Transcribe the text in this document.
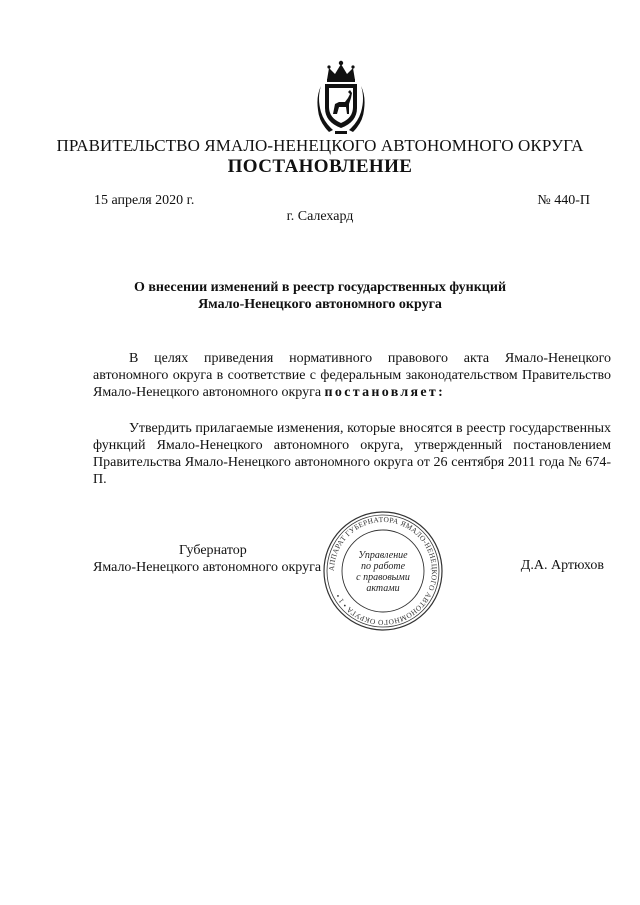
ПРАВИТЕЛЬСТВО ЯМАЛО-НЕНЕЦКОГО АВТОНОМНОГО ОКРУГА
ПОСТАНОВЛЕНИЕ
15 апреля 2020 г.	№ 440-П
г. Салехард
О внесении изменений в реестр государственных функций
Ямало-Ненецкого автономного округа
В целях приведения нормативного правового акта Ямало-Ненецкого автономного округа в соответствие с федеральным законодательством Правительство Ямало-Ненецкого автономного округа постановляет:
Утвердить прилагаемые изменения, которые вносятся в реестр государственных функций Ямало-Ненецкого автономного округа, утвержденный постановлением Правительства Ямало-Ненецкого автономного округа от 26 сентября 2011 года № 674-П.
Губернатор
Ямало-Ненецкого автономного округа	Д.А. Артюхов
АППАРАТ ГУБЕРНАТОРА ЯМАЛО-НЕНЕЦКОГО АВТОНОМНОГО ОКРУГА • 1 •
Управление
по работе
с правовыми
актами
